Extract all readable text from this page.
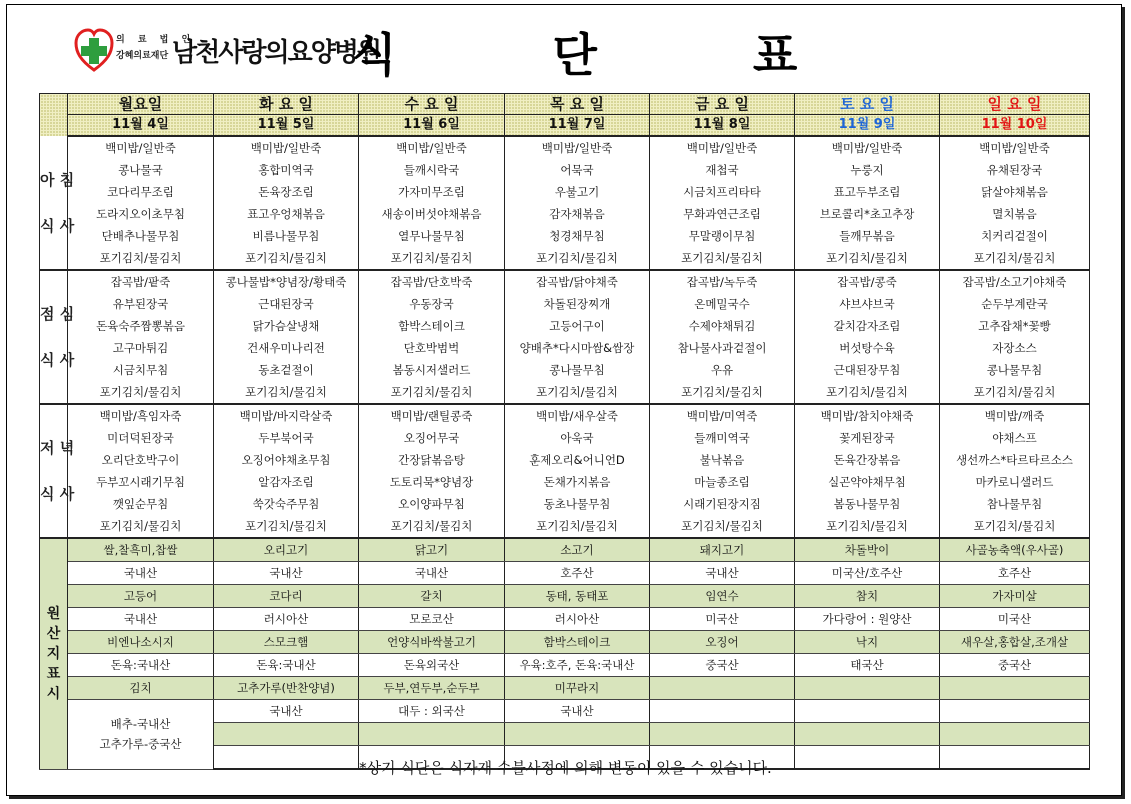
의 료 법 인
강혜의료재단 남천사랑의요양병원
식 단 표
	월요일	화 요 일	수 요 일	목 요 일	금 요 일	토 요 일	일 요 일
	11월 4일	11월 5일	11월 6일	11월 7일	11월 8일	11월 9일	11월 10일

아 침
식 사	백미밥/일반죽	백미밥/일반죽	백미밥/일반죽	백미밥/일반죽	백미밥/일반죽	백미밥/일반죽	백미밥/일반죽
	콩나물국	홍합미역국	들깨시락국	어묵국	재첩국	누룽지	유채된장국
	코다리무조림	돈육장조림	가자미무조림	우불고기	시금치프리타타	표고두부조림	닭살야채볶음
	도라지오이초무침	표고우엉채볶음	새송이버섯야채볶음	감자채볶음	무화과연근조림	브로콜리*초고추장	멸치볶음
	단배추나물무침	비름나물무침	열무나물무침	청경채무침	무말랭이무침	들깨무볶음	치커리겉절이
	포기김치/물김치	포기김치/물김치	포기김치/물김치	포기김치/물김치	포기김치/물김치	포기김치/물김치	포기김치/물김치

점 심
식 사	잡곡밥/팥죽	콩나물밥*양념장/황태죽	잡곡밥/단호박죽	잡곡밥/닭야채죽	잡곡밥/녹두죽	잡곡밥/콩죽	잡곡밥/소고기야채죽
	유부된장국	근대된장국	우동장국	차돌된장찌개	온메밀국수	샤브샤브국	순두부계란국
	돈육숙주짬뽕볶음	닭가슴살냉채	함박스테이크	고등어구이	수제야채튀김	갈치감자조림	고추잡채*꽃빵
	고구마튀김	건새우미나리전	단호박범벅	양배추*다시마쌈&쌈장	참나물사과겉절이	버섯탕수육	자장소스
	시금치무침	동초겉절이	봄동시저샐러드	콩나물무침	우유	근대된장무침	콩나물무침
	포기김치/물김치	포기김치/물김치	포기김치/물김치	포기김치/물김치	포기김치/물김치	포기김치/물김치	포기김치/물김치

저 녁
식 사	백미밥/흑임자죽	백미밥/바지락살죽	백미밥/랜틸콩죽	백미밥/새우살죽	백미밥/미역죽	백미밥/참치야채죽	백미밥/깨죽
	미더덕된장국	두부북어국	오징어무국	아욱국	들깨미역국	꽃게된장국	야채스프
	오리단호박구이	오징어야채초무침	간장닭볶음탕	훈제오리&어니언D	불낙볶음	돈육간장볶음	생선까스*타르타르소스
	두부꼬시래기무침	알감자조림	도토리묵*양념장	돈채가지볶음	마늘종조림	실곤약야채무침	마카로니샐러드
	깻잎순무침	쑥갓숙주무침	오이양파무침	동초나물무침	시래기된장지짐	봄동나물무침	참나물무침
	포기김치/물김치	포기김치/물김치	포기김치/물김치	포기김치/물김치	포기김치/물김치	포기김치/물김치	포기김치/물김치

원 산 지 표 시	쌀,찰흑미,찹쌀	오리고기	닭고기	소고기	돼지고기	차돌박이	사골농축액(우사골)
	국내산	국내산	국내산	호주산	국내산	미국산/호주산	호주산
	고등어	코다리	갈치	동태, 동태포	임연수	참치	가자미살
	국내산	러시아산	모로코산	러시아산	미국산	가다랑어 : 원양산	미국산
	비엔나소시지	스모크햄	언양식바싹불고기	함박스테이크	오징어	낙지	새우살,홍합살,조개살
	돈육:국내산	돈육:국내산	돈육외국산	우육:호주, 돈육:국내산	중국산	태국산	중국산
	김치	고추가루(반찬양념)	두부,연두부,순두부	미꾸라지			

	배추-국내산
고추가루-중국산	국내산	대두 : 외국산	국내산			

*상기 식단은 식자재 수불사정에 의해 변동이 있을 수 있습니다.
